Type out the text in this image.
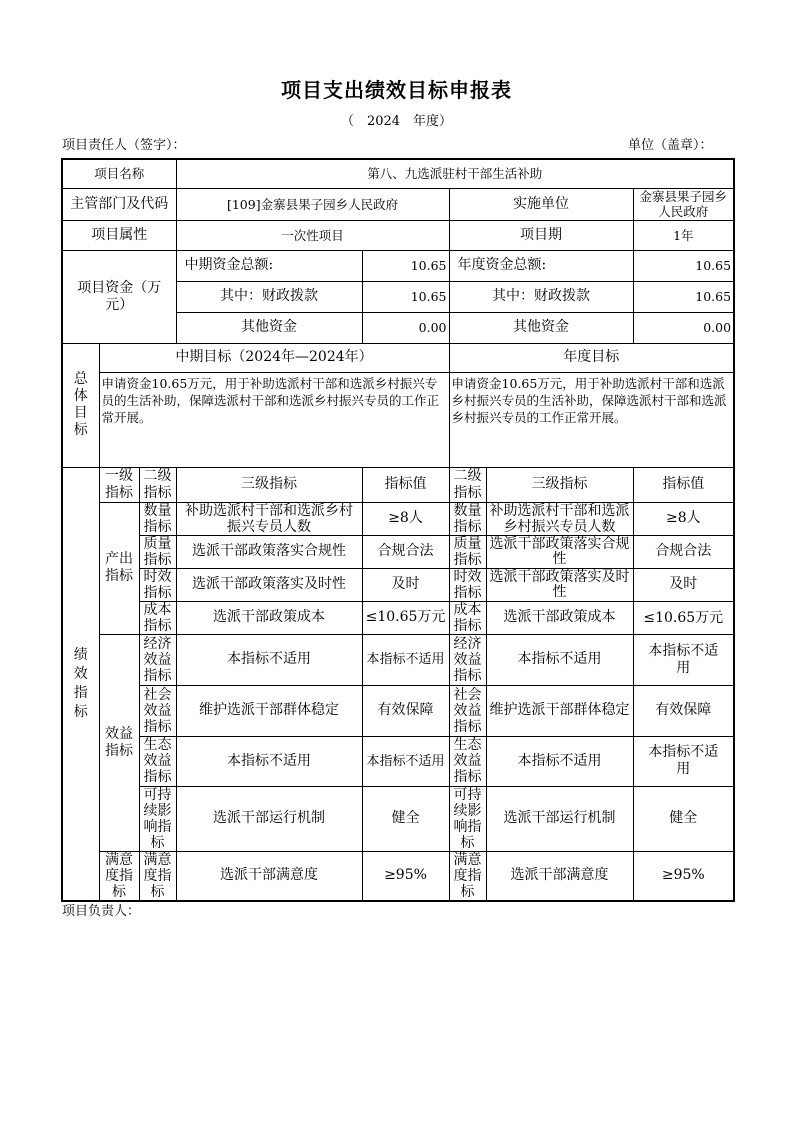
项目支出绩效目标申报表
（　2024　年度）
项目责任人（签字）：	单位（盖章）：
项目名称			第八、九选派驻村干部生活补助				
主管部门及代码			[109]金寨县果子园乡人民政府		实施单位		金寨县果子园乡人民政府
项目属性			一次性项目		项目期		1年
项目资金（万元）			中期资金总额:	10.65	年度资金总额:		10.65
			其中：财政拨款	10.65	其中：财政拨款		10.65
			其他资金	0.00	其他资金		0.00
总体目标	中期目标（2024年—2024年）				年度目标		
	申请资金10.65万元，用于补助选派村干部和选派乡村振兴专员的生活补助，保障选派村干部和选派乡村振兴专员的工作正常开展。				申请资金10.65万元，用于补助选派村干部和选派乡村振兴专员的生活补助，保障选派村干部和选派乡村振兴专员的工作正常开展。		
绩效指标	一级指标	二级指标	三级指标	指标值	二级指标	三级指标	指标值
	产出指标	数量指标	补助选派村干部和选派乡村振兴专员人数	≥8人	数量指标	补助选派村干部和选派乡村振兴专员人数	≥8人
		质量指标	选派干部政策落实合规性	合规合法	质量指标	选派干部政策落实合规性	合规合法
		时效指标	选派干部政策落实及时性	及时	时效指标	选派干部政策落实及时性	及时
		成本指标	选派干部政策成本	≤10.65万元	成本指标	选派干部政策成本	≤10.65万元
	效益指标	经济效益指标	本指标不适用	本指标不适用	经济效益指标	本指标不适用	本指标不适用
		社会效益指标	维护选派干部群体稳定	有效保障	社会效益指标	维护选派干部群体稳定	有效保障
		生态效益指标	本指标不适用	本指标不适用	生态效益指标	本指标不适用	本指标不适用
		可持续影响指标	选派干部运行机制	健全	可持续影响指标	选派干部运行机制	健全
	满意度指标	满意度指标	选派干部满意度	≥95%	满意度指标	选派干部满意度	≥95%
项目负责人：
